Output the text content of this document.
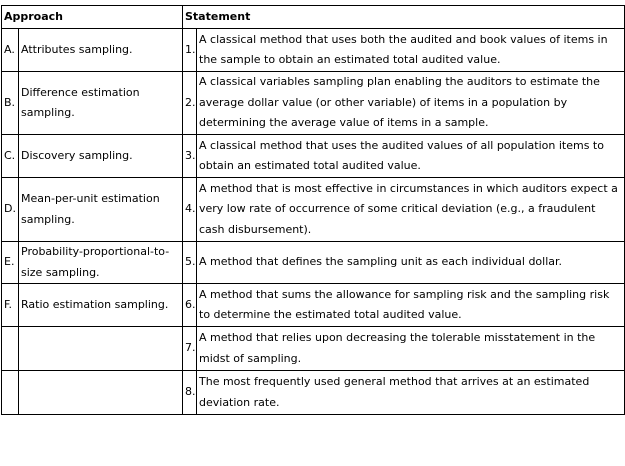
Approach		Statement	
A.	Attributes sampling.	1.	A classical method that uses both the audited and book values of items in the sample to obtain an estimated total audited value.
B.	Difference estimation sampling.	2.	A classical variables sampling plan enabling the auditors to estimate the average dollar value (or other variable) of items in a population by determining the average value of items in a sample.
C.	Discovery sampling.	3.	A classical method that uses the audited values of all population items to obtain an estimated total audited value.
D.	Mean-per-unit estimation sampling.	4.	A method that is most effective in circumstances in which auditors expect a very low rate of occurrence of some critical deviation (e.g., a fraudulent cash disbursement).
E.	Probability-proportional-to-size sampling.	5.	A method that defines the sampling unit as each individual dollar.
F.	Ratio estimation sampling.	6.	A method that sums the allowance for sampling risk and the sampling risk to determine the estimated total audited value.
		7.	A method that relies upon decreasing the tolerable misstatement in the midst of sampling.
		8.	The most frequently used general method that arrives at an estimated deviation rate.
